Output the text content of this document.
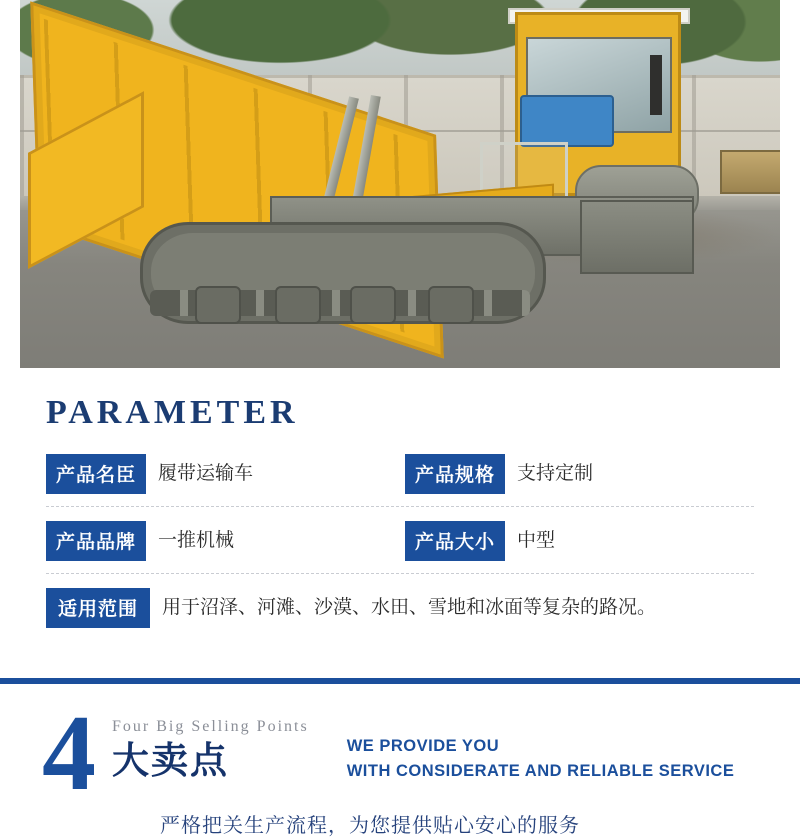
PARAMETER
产品名臣	履带运输车	产品规格	支持定制
产品品牌	一推机械	产品大小	中型
适用范围	用于沼泽、河滩、沙漠、水田、雪地和冰面等复杂的路况。
4	Four Big Selling Points
大卖点	WE PROVIDE YOU
WITH CONSIDERATE AND RELIABLE SERVICE
严格把关生产流程，为您提供贴心安心的服务
